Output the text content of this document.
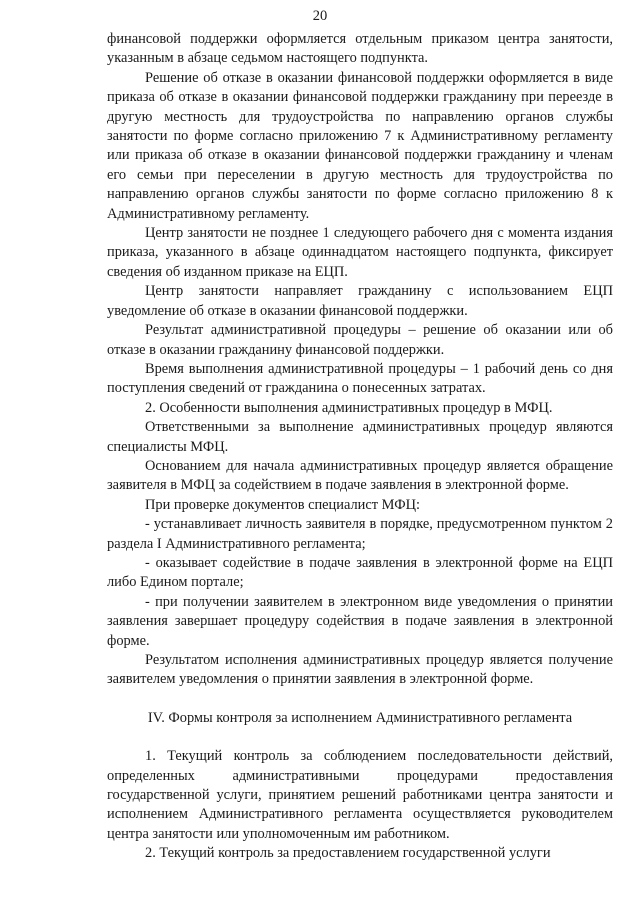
20

финансовой поддержки оформляется отдельным приказом центра занятости, указанным в абзаце седьмом настоящего подпункта.

Решение об отказе в оказании финансовой поддержки оформляется в виде приказа об отказе в оказании финансовой поддержки гражданину при переезде в другую местность для трудоустройства по направлению органов службы занятости по форме согласно приложению 7 к Административному регламенту или приказа об отказе в оказании финансовой поддержки гражданину и членам его семьи при переселении в другую местность для трудоустройства по направлению органов службы занятости по форме согласно приложению 8 к Административному регламенту.

Центр занятости не позднее 1 следующего рабочего дня с момента издания приказа, указанного в абзаце одиннадцатом настоящего подпункта, фиксирует сведения об изданном приказе на ЕЦП.

Центр занятости направляет гражданину с использованием ЕЦП уведомление об отказе в оказании финансовой поддержки.

Результат административной процедуры – решение об оказании или об отказе в оказании гражданину финансовой поддержки.

Время выполнения административной процедуры – 1 рабочий день со дня поступления сведений от гражданина о понесенных затратах.

2. Особенности выполнения административных процедур в МФЦ.

Ответственными за выполнение административных процедур являются специалисты МФЦ.

Основанием для начала административных процедур является обращение заявителя в МФЦ за содействием в подаче заявления в электронной форме.

При проверке документов специалист МФЦ:

- устанавливает личность заявителя в порядке, предусмотренном пунктом 2 раздела I Административного регламента;

- оказывает содействие в подаче заявления в электронной форме на ЕЦП либо Едином портале;

- при получении заявителем в электронном виде уведомления о принятии заявления завершает процедуру содействия в подаче заявления в электронной форме.

Результатом исполнения административных процедур является получение заявителем уведомления о принятии заявления в электронной форме.

IV. Формы контроля за исполнением Административного регламента

1. Текущий контроль за соблюдением последовательности действий, определенных административными процедурами предоставления государственной услуги, принятием решений работниками центра занятости и исполнением Административного регламента осуществляется руководителем центра занятости или уполномоченным им работником.

2. Текущий контроль за предоставлением государственной услуги
